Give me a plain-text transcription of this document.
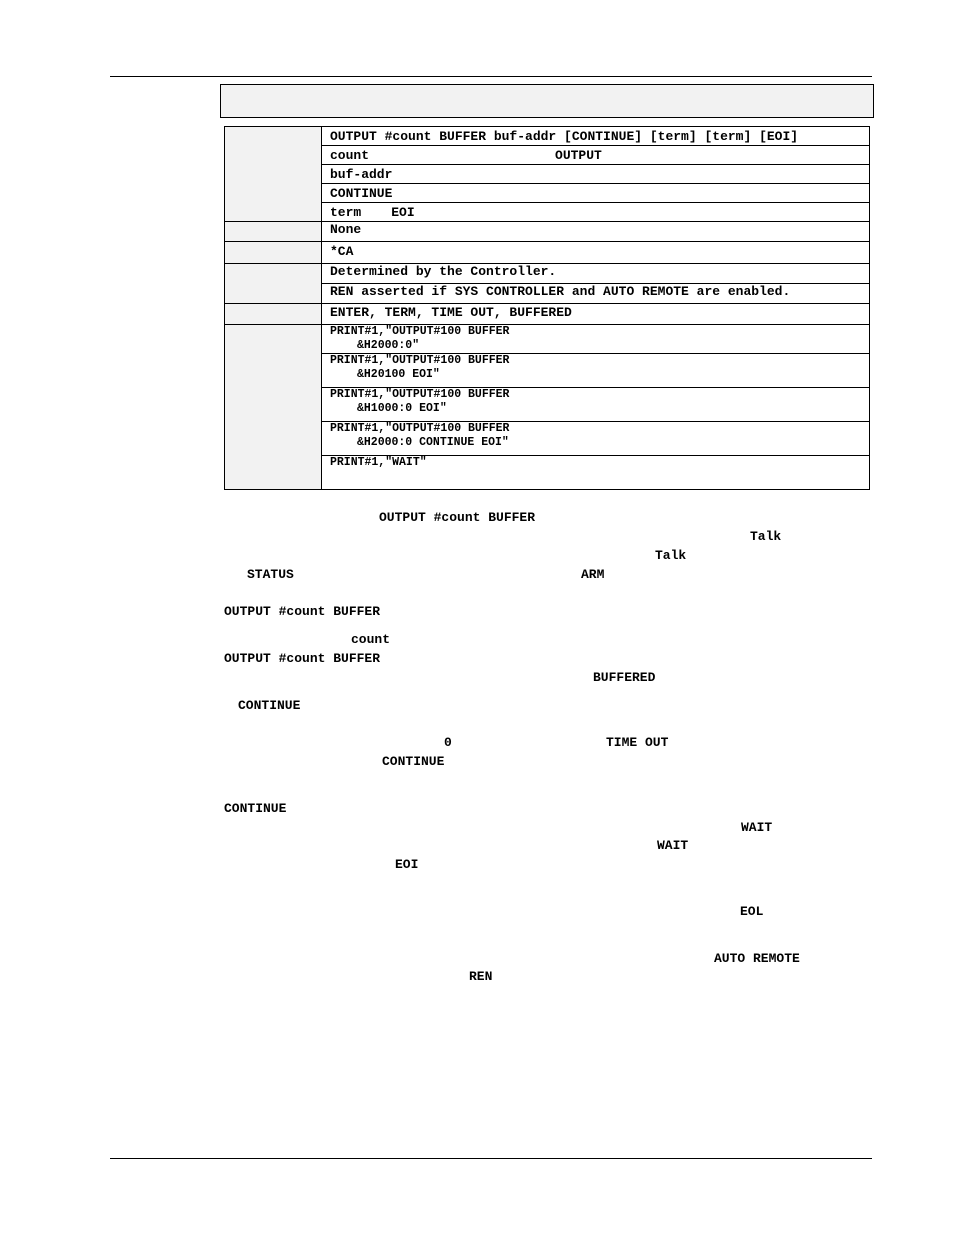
	OUTPUT #count BUFFER buf-addr [CONTINUE] [term] [term] [EOI]
	count OUTPUT
	buf-addr
	CONTINUE
	term EOI
	None
	*CA
	Determined by the Controller.
	REN asserted if SYS CONTROLLER and AUTO REMOTE are enabled.
	ENTER, TERM, TIME OUT, BUFFERED

	PRINT#1,"OUTPUT#100 BUFFER
&H2000:0"

	PRINT#1,"OUTPUT#100 BUFFER
&H20100 EOI"

	PRINT#1,"OUTPUT#100 BUFFER
&H1000:0 EOI"

	PRINT#1,"OUTPUT#100 BUFFER
&H2000:0 CONTINUE EOI"

	PRINT#1,"WAIT"
OUTPUT #count BUFFER
Talk
Talk
STATUS	ARM
OUTPUT #count BUFFER
count
OUTPUT #count BUFFER
BUFFERED
CONTINUE
0	TIME OUT
CONTINUE
CONTINUE
WAIT
WAIT
EOI
EOL
AUTO REMOTE
REN
